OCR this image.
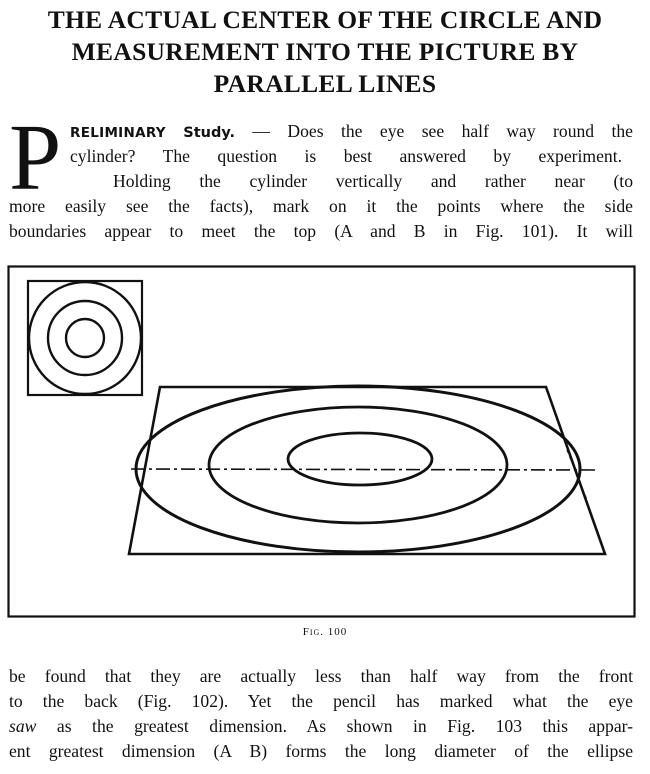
THE ACTUAL CENTER OF THE CIRCLE AND
MEASUREMENT INTO THE PICTURE BY
PARALLEL LINES
P RELIMINARY Study. — Does the eye see half way round the

cylinder? The question is best answered by experiment.

Holding the cylinder vertically and rather near (to

more easily see the facts), mark on it the points where the side

boundaries appear to meet the top (A and B in Fig. 101). It will

Fig. 100

be found that they are actually less than half way from the front

to the back (Fig. 102). Yet the pencil has marked what the eye

saw as the greatest dimension. As shown in Fig. 103 this appar-

ent greatest dimension (A B) forms the long diameter of the ellipse
